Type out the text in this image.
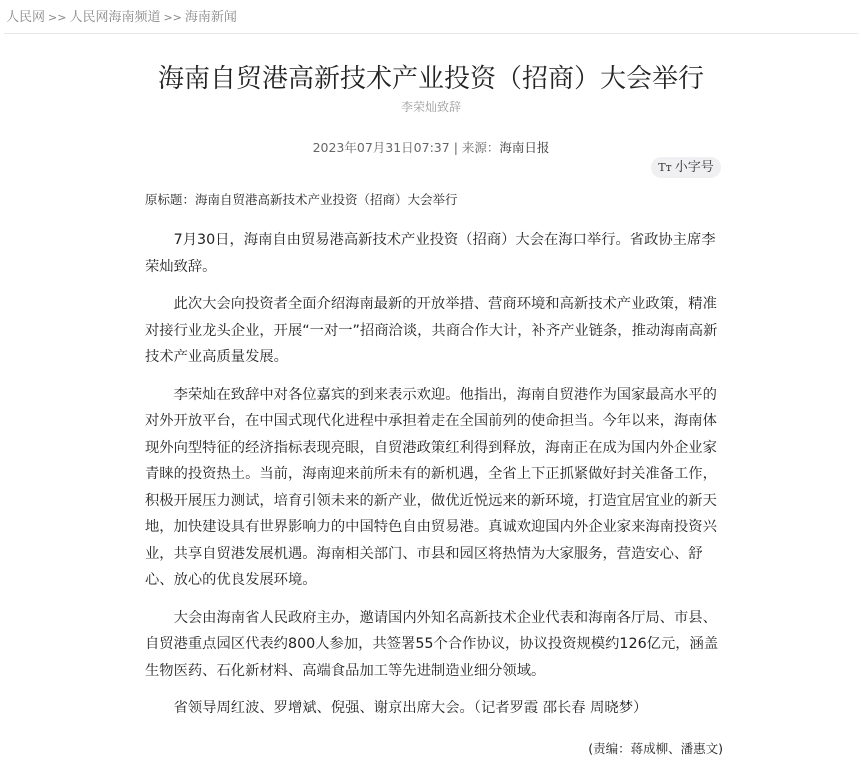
人民网 >> 人民网海南频道 >> 海南新闻
海南自贸港高新技术产业投资（招商）大会举行
李荣灿致辞
2023年07月31日07:37 | 来源：海南日报
Tт 小字号
原标题：海南自贸港高新技术产业投资（招商）大会举行

7月30日，海南自由贸易港高新技术产业投资（招商）大会在海口举行。省政协主席李荣灿致辞。

此次大会向投资者全面介绍海南最新的开放举措、营商环境和高新技术产业政策，精准对接行业龙头企业，开展“一对一”招商洽谈，共商合作大计，补齐产业链条，推动海南高新技术产业高质量发展。

李荣灿在致辞中对各位嘉宾的到来表示欢迎。他指出，海南自贸港作为国家最高水平的对外开放平台，在中国式现代化进程中承担着走在全国前列的使命担当。今年以来，海南体现外向型特征的经济指标表现亮眼，自贸港政策红利得到释放，海南正在成为国内外企业家青睐的投资热土。当前，海南迎来前所未有的新机遇，全省上下正抓紧做好封关准备工作，积极开展压力测试，培育引领未来的新产业，做优近悦远来的新环境，打造宜居宜业的新天地，加快建设具有世界影响力的中国特色自由贸易港。真诚欢迎国内外企业家来海南投资兴业，共享自贸港发展机遇。海南相关部门、市县和园区将热情为大家服务，营造安心、舒心、放心的优良发展环境。

大会由海南省人民政府主办，邀请国内外知名高新技术企业代表和海南各厅局、市县、自贸港重点园区代表约800人参加，共签署55个合作协议，协议投资规模约126亿元，涵盖生物医药、石化新材料、高端食品加工等先进制造业细分领域。

省领导周红波、罗增斌、倪强、谢京出席大会。（记者罗霞 邵长春 周晓梦）

(责编：蒋成柳、潘惠文)
